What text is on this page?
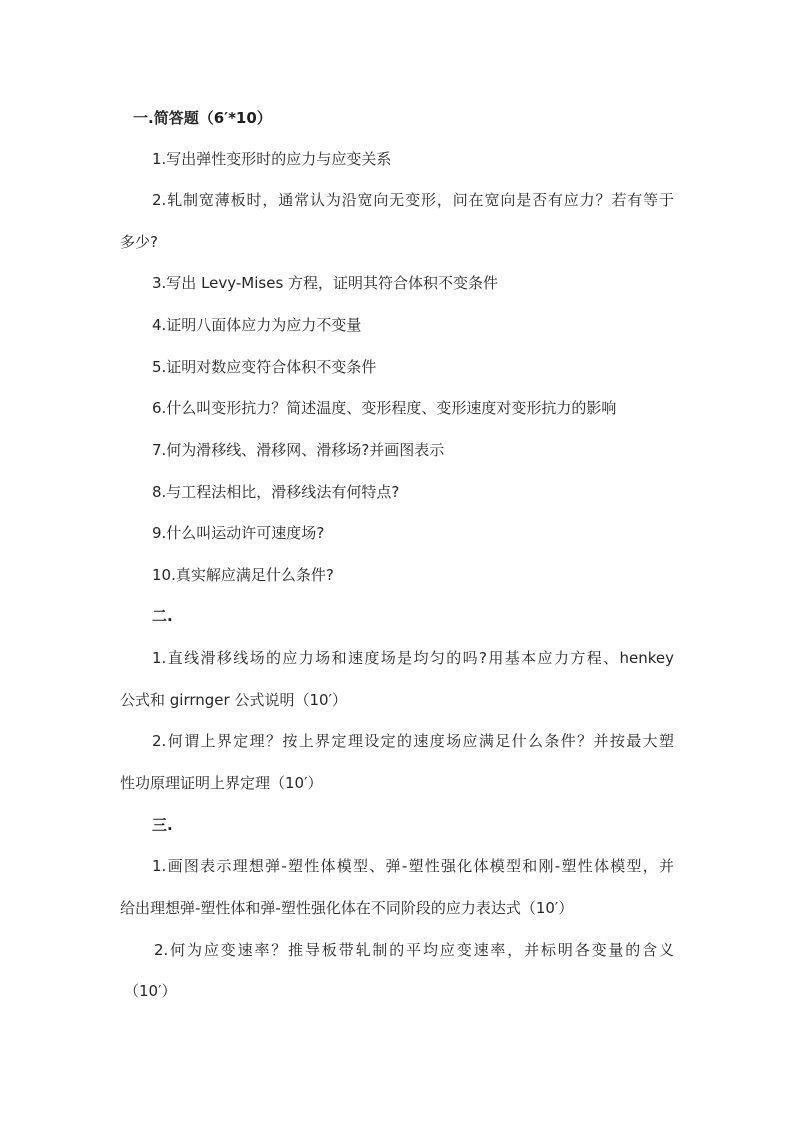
一.简答题（6′*10）
1.写出弹性变形时的应力与应变关系
2.轧制宽薄板时，通常认为沿宽向无变形，问在宽向是否有应力？若有等于
多少?
3.写出 Levy-Mises 方程，证明其符合体积不变条件
4.证明八面体应力为应力不变量
5.证明对数应变符合体积不变条件
6.什么叫变形抗力？简述温度、变形程度、变形速度对变形抗力的影响
7.何为滑移线、滑移网、滑移场?并画图表示
8.与工程法相比，滑移线法有何特点?
9.什么叫运动许可速度场?
10.真实解应满足什么条件?
二.
1.直线滑移线场的应力场和速度场是均匀的吗?用基本应力方程、henkey
公式和 girrnger 公式说明（10′）
2.何谓上界定理？按上界定理设定的速度场应满足什么条件？并按最大塑
性功原理证明上界定理（10′）
三.
1.画图表示理想弹-塑性体模型、弹-塑性强化体模型和刚-塑性体模型，并
给出理想弹-塑性体和弹-塑性强化体在不同阶段的应力表达式（10′）
2.何为应变速率？推导板带轧制的平均应变速率，并标明各变量的含义
（10′）
